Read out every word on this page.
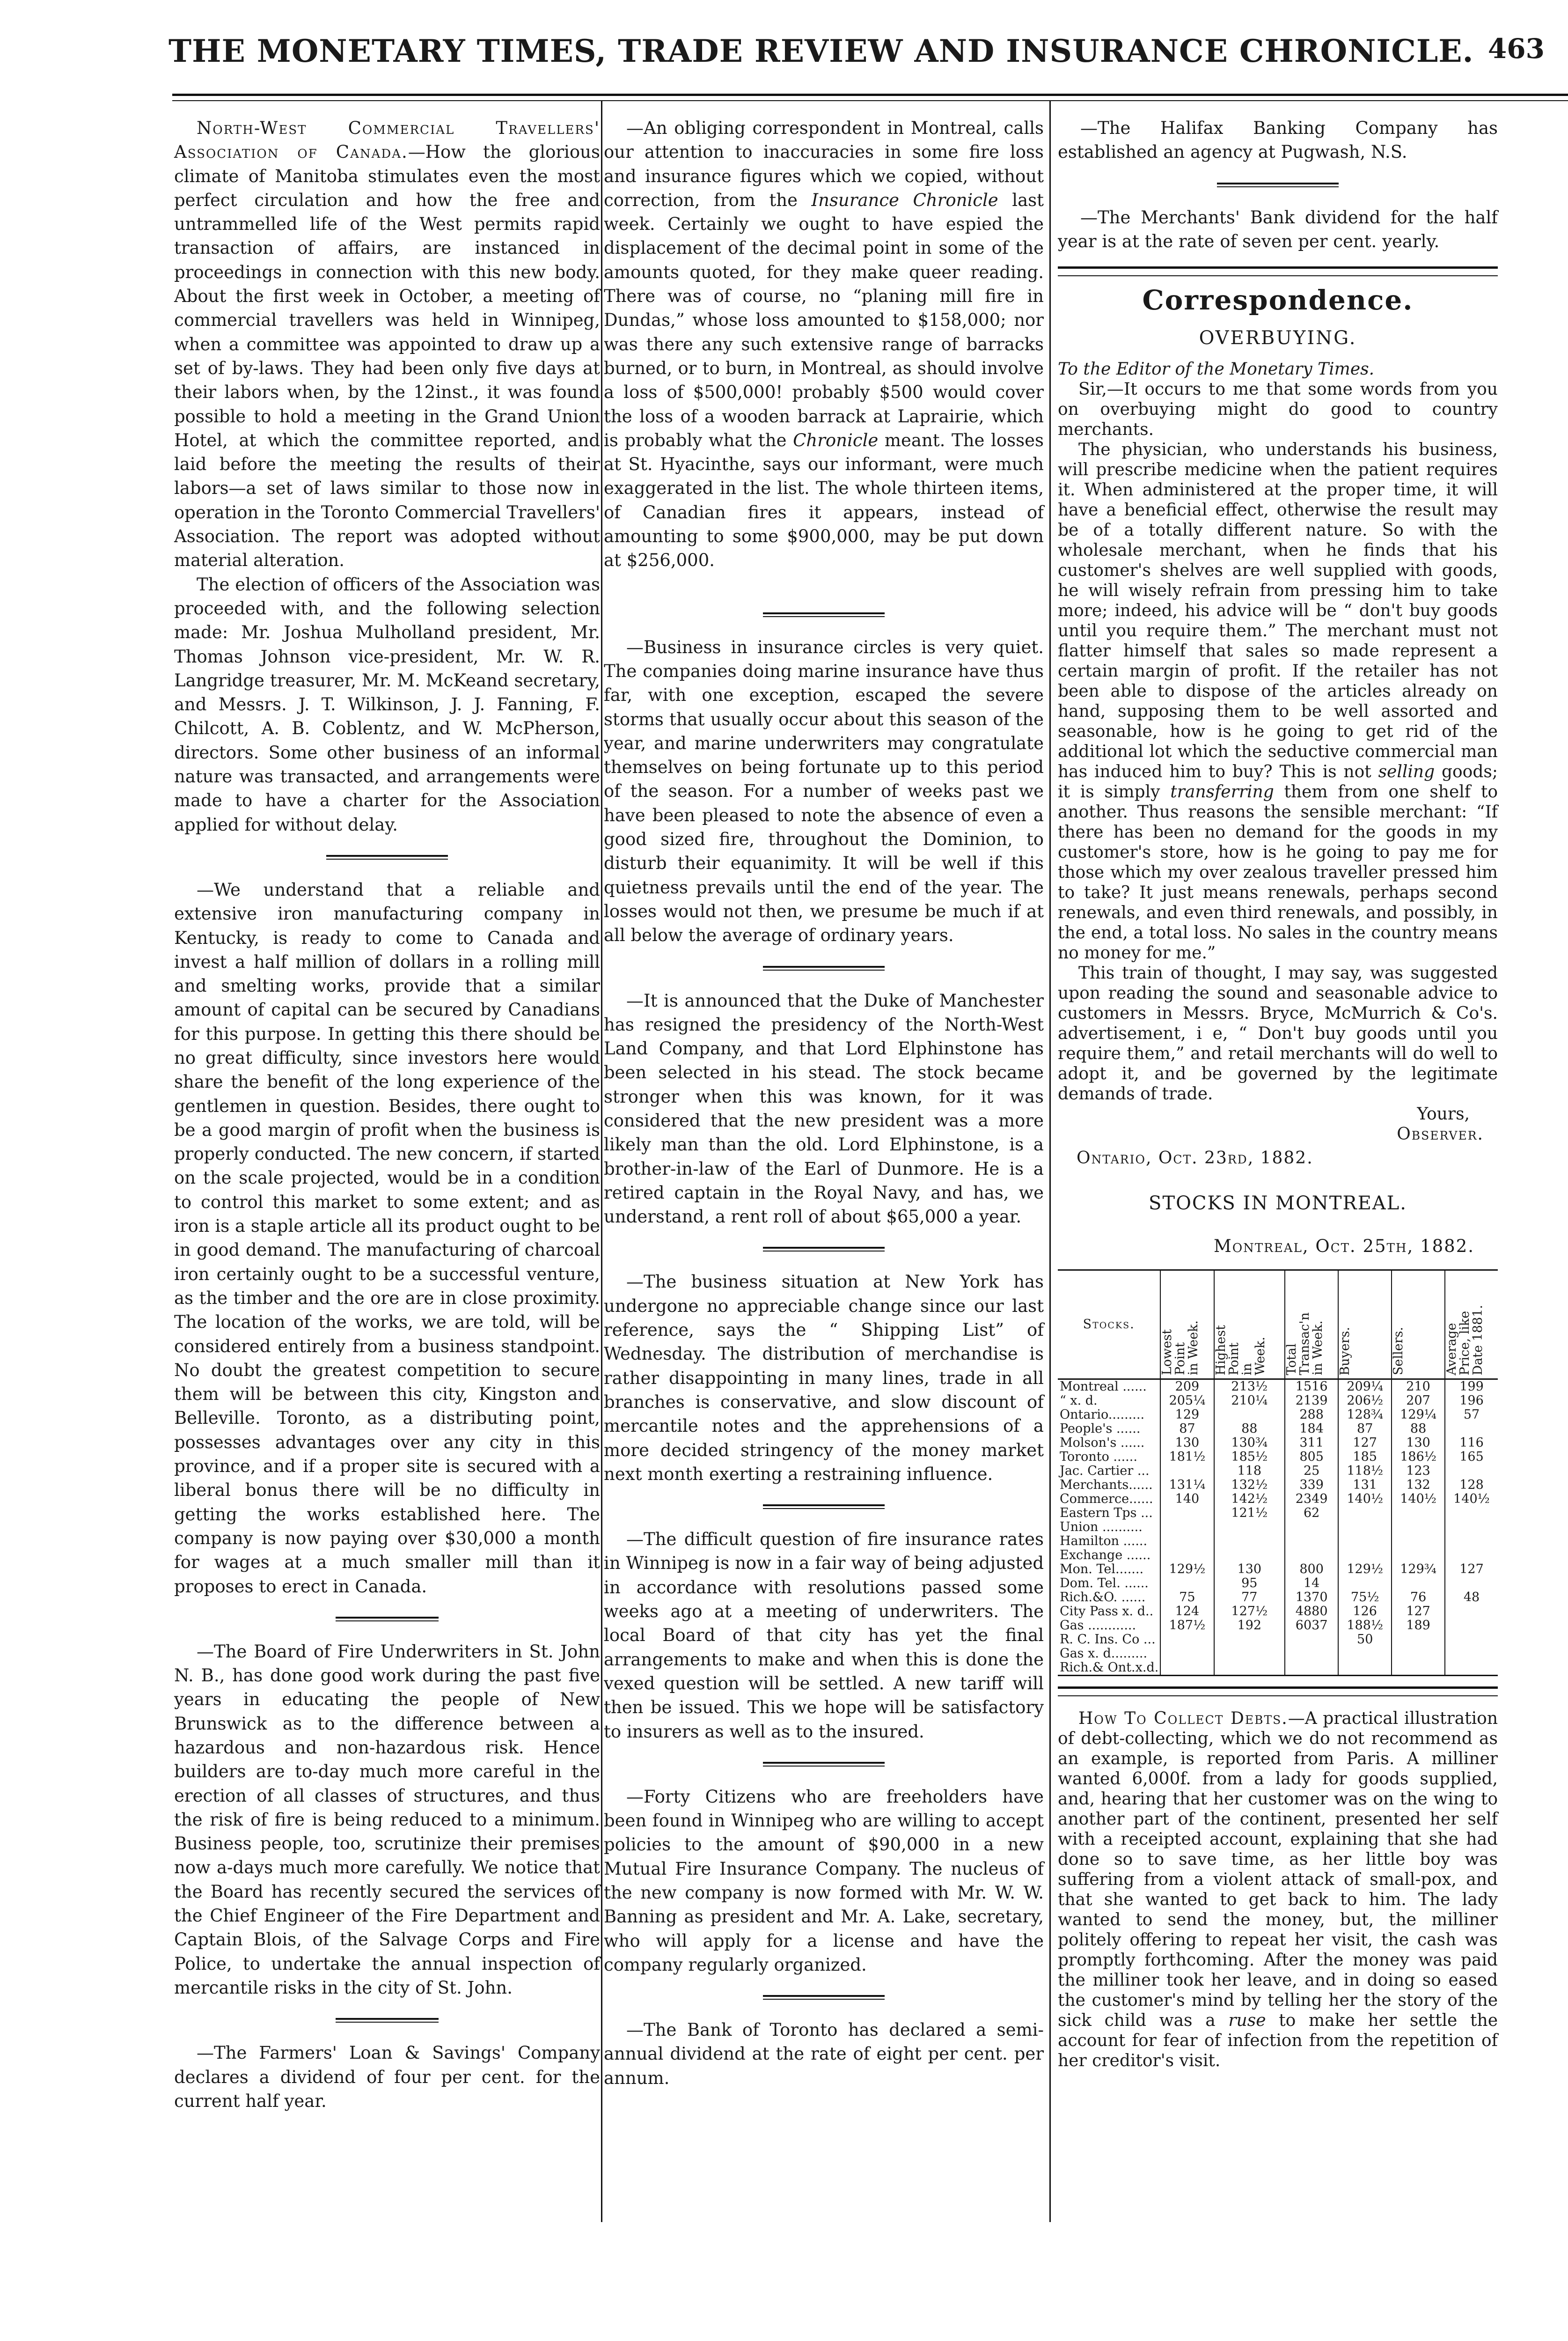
THE MONETARY TIMES, TRADE REVIEW AND INSURANCE CHRONICLE. 463

North-West Commercial Travellers' Association of Canada.—How the glorious climate of Manitoba stimulates even the most perfect circulation and how the free and untrammelled life of the West permits rapid transaction of affairs, are instanced in proceedings in connection with this new body. About the first week in October, a meeting of commercial travellers was held in Winnipeg, when a committee was appointed to draw up a set of by-laws. They had been only five days at their labors when, by the 12inst., it was found possible to hold a meeting in the Grand Union Hotel, at which the committee reported, and laid before the meeting the results of their labors—a set of laws similar to those now in operation in the Toronto Commercial Travellers' Association. The report was adopted without material alteration.

The election of officers of the Association was proceeded with, and the following selection made: Mr. Joshua Mulholland president, Mr. Thomas Johnson vice-president, Mr. W. R. Langridge treasurer, Mr. M. McKeand secretary, and Messrs. J. T. Wilkinson, J. J. Fanning, F. Chilcott, A. B. Coblentz, and W. McPherson, directors. Some other business of an informal nature was transacted, and arrangements were made to have a charter for the Association applied for without delay.

—We understand that a reliable and extensive iron manufacturing company in Kentucky, is ready to come to Canada and invest a half million of dollars in a rolling mill and smelting works, provide that a similar amount of capital can be secured by Canadians for this purpose. In getting this there should be no great difficulty, since investors here would share the benefit of the long experience of the gentlemen in question. Besides, there ought to be a good margin of profit when the business is properly conducted. The new concern, if started on the scale projected, would be in a condition to control this market to some extent; and as iron is a staple article all its product ought to be in good demand. The manufacturing of charcoal iron certainly ought to be a successful venture, as the timber and the ore are in close proximity. The location of the works, we are told, will be considered entirely from a business standpoint. No doubt the greatest competition to secure them will be between this city, Kingston and Belleville. Toronto, as a distributing point, possesses advantages over any city in this province, and if a proper site is secured with a liberal bonus there will be no difficulty in getting the works established here. The company is now paying over $30,000 a month for wages at a much smaller mill than it proposes to erect in Canada.

—The Board of Fire Underwriters in St. John N. B., has done good work during the past five years in educating the people of New Brunswick as to the difference between a hazardous and non-hazardous risk. Hence builders are to-day much more careful in the erection of all classes of structures, and thus the risk of fire is being reduced to a minimum. Business people, too, scrutinize their premises now a-days much more carefully. We notice that the Board has recently secured the services of the Chief Engineer of the Fire Department and Captain Blois, of the Salvage Corps and Fire Police, to undertake the annual inspection of mercantile risks in the city of St. John.

—The Farmers' Loan & Savings' Company declares a dividend of four per cent. for the current half year.

—An obliging correspondent in Montreal, calls our attention to inaccuracies in some fire loss and insurance figures which we copied, without correction, from the Insurance Chronicle last week. Certainly we ought to have espied the displacement of the decimal point in some of the amounts quoted, for they make queer reading. There was of course, no “planing mill fire in Dundas,” whose loss amounted to $158,000; nor was there any such extensive range of barracks burned, or to burn, in Montreal, as should involve a loss of $500,000! probably $500 would cover the loss of a wooden barrack at Laprairie, which is probably what the Chronicle meant. The losses at St. Hyacinthe, says our informant, were much exaggerated in the list. The whole thirteen items, of Canadian fires it appears, instead of amounting to some $900,000, may be put down at $256,000.

—Business in insurance circles is very quiet. The companies doing marine insurance have thus far, with one exception, escaped the severe storms that usually occur about this season of the year, and marine underwriters may congratulate themselves on being fortunate up to this period of the season. For a number of weeks past we have been pleased to note the absence of even a good sized fire, throughout the Dominion, to disturb their equanimity. It will be well if this quietness prevails until the end of the year. The losses would not then, we presume be much if at all below the average of ordinary years.

—It is announced that the Duke of Manchester has resigned the presidency of the North-West Land Company, and that Lord Elphinstone has been selected in his stead. The stock became stronger when this was known, for it was considered that the new president was a more likely man than the old. Lord Elphinstone, is a brother-in-law of the Earl of Dunmore. He is a retired captain in the Royal Navy, and has, we understand, a rent roll of about $65,000 a year.

—The business situation at New York has undergone no appreciable change since our last reference, says the “ Shipping List” of Wednesday. The distribution of merchandise is rather disappointing in many lines, trade in all branches is conservative, and slow discount of mercantile notes and the apprehensions of a more decided stringency of the money market next month exerting a restraining influence.

—The difficult question of fire insurance rates in Winnipeg is now in a fair way of being adjusted in accordance with resolutions passed some weeks ago at a meeting of underwriters. The local Board of that city has yet the final arrangements to make and when this is done the vexed question will be settled. A new tariff will then be issued. This we hope will be satisfactory to insurers as well as to the insured.

—Forty Citizens who are freeholders have been found in Winnipeg who are willing to accept policies to the amount of $90,000 in a new Mutual Fire Insurance Company. The nucleus of the new company is now formed with Mr. W. W. Banning as president and Mr. A. Lake, secretary, who will apply for a license and have the company regularly organized.

—The Bank of Toronto has declared a semi-annual dividend at the rate of eight per cent. per annum.

—The Halifax Banking Company has established an agency at Pugwash, N.S.

—The Merchants' Bank dividend for the half year is at the rate of seven per cent. yearly.

Correspondence.
OVERBUYING.

To the Editor of the Monetary Times.

Sir,—It occurs to me that some words from you on overbuying might do good to country merchants.

The physician, who understands his business, will prescribe medicine when the patient requires it. When administered at the proper time, it will have a beneficial effect, otherwise the result may be of a totally different nature. So with the wholesale merchant, when he finds that his customer's shelves are well supplied with goods, he will wisely refrain from pressing him to take more; indeed, his advice will be “ don't buy goods until you require them.” The merchant must not flatter himself that sales so made represent a certain margin of profit. If the retailer has not been able to dispose of the articles already on hand, supposing them to be well assorted and seasonable, how is he going to get rid of the additional lot which the seductive commercial man has induced him to buy? This is not selling goods; it is simply transferring them from one shelf to another. Thus reasons the sensible merchant: “If there has been no demand for the goods in my customer's store, how is he going to pay me for those which my over zealous traveller pressed him to take? It just means renewals, perhaps second renewals, and even third renewals, and possibly, in the end, a total loss. No sales in the country means no money for me.”

This train of thought, I may say, was suggested upon reading the sound and seasonable advice to customers in Messrs. Bryce, McMurrich & Co's. advertisement, i e, “ Don't buy goods until you require them,” and retail merchants will do well to adopt it, and be governed by the legitimate demands of trade.

Yours,
Observer.
Ontario, Oct. 23rd, 1882.
STOCKS IN MONTREAL.
Montreal, Oct. 25th, 1882.
Stocks.	Lowest
Point
in Week.	Highest
Point
in
Week.	Total
Transac'n
in Week.	Buyers.	Sellers.	Average
Price, like
Date 1881.
Montreal ......	209	213½	1516	209¼	210	199
“ x. d.	205¼	210¼	2139	206½	207	196
Ontario.........	129		288	128¾	129¼	57
People's ......	87	88	184	87	88	
Molson's ......	130	130¾	311	127	130	116
Toronto ......	181½	185½	805	185	186½	165
Jac. Cartier ...		118	25	118½	123	
Merchants......	131¼	132½	339	131	132	128
Commerce......	140	142½	2349	140½	140½	140½
Eastern Tps ...		121½	62			
Union ..........						
Hamilton ......						
Exchange ......						
Mon. Tel.......	129½	130	800	129½	129¾	127
Dom. Tel. ......		95	14			
Rich.&O. ......	75	77	1370	75½	76	48
City Pass x. d..	124	127½	4880	126	127	
Gas ............	187½	192	6037	188½	189	
R. C. Ins. Co ...				50		
Gas x. d.........						
Rich.& Ont.x.d.						

How To Collect Debts.—A practical illustration of debt-collecting, which we do not recommend as an example, is reported from Paris. A milliner wanted 6,000f. from a lady for goods supplied, and, hearing that her customer was on the wing to another part of the continent, presented her self with a receipted account, explaining that she had done so to save time, as her little boy was suffering from a violent attack of small-pox, and that she wanted to get back to him. The lady wanted to send the money, but, the milliner politely offering to repeat her visit, the cash was promptly forthcoming. After the money was paid the milliner took her leave, and in doing so eased the customer's mind by telling her the story of the sick child was a ruse to make her settle the account for fear of infection from the repetition of her creditor's visit.
